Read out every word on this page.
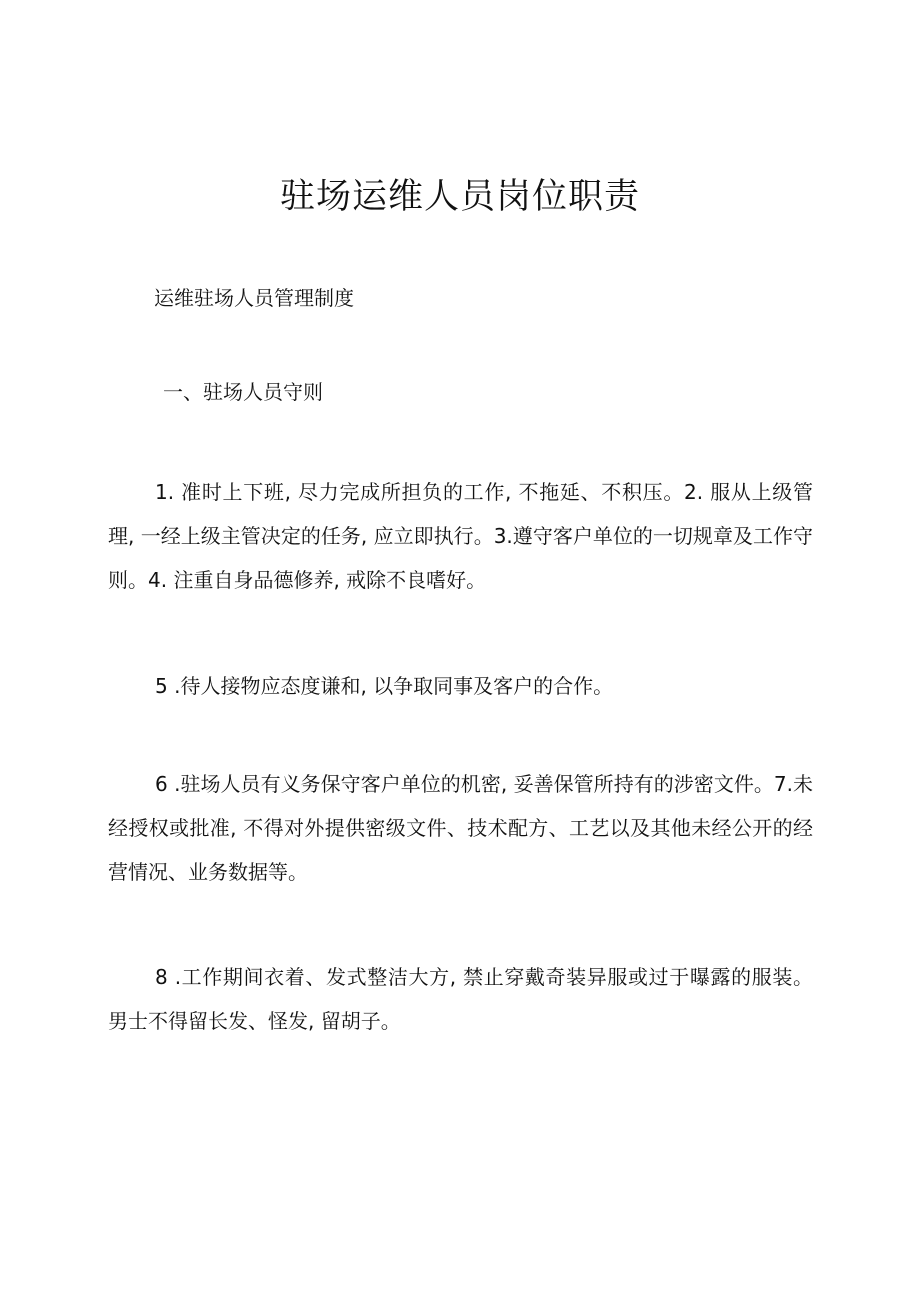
驻场运维人员岗位职责

运维驻场人员管理制度

一、驻场人员守则

1. 准时上下班, 尽力完成所担负的工作, 不拖延、不积压。2. 服从上级管理, 一经上级主管决定的任务, 应立即执行。3.遵守客户单位的一切规章及工作守则。4. 注重自身品德修养, 戒除不良嗜好。

5 .待人接物应态度谦和, 以争取同事及客户的合作。

6 .驻场人员有义务保守客户单位的机密, 妥善保管所持有的涉密文件。7.未经授权或批准, 不得对外提供密级文件、技术配方、工艺以及其他未经公开的经营情况、业务数据等。

8 .工作期间衣着、发式整洁大方, 禁止穿戴奇装异服或过于曝露的服装。男士不得留长发、怪发, 留胡子。
